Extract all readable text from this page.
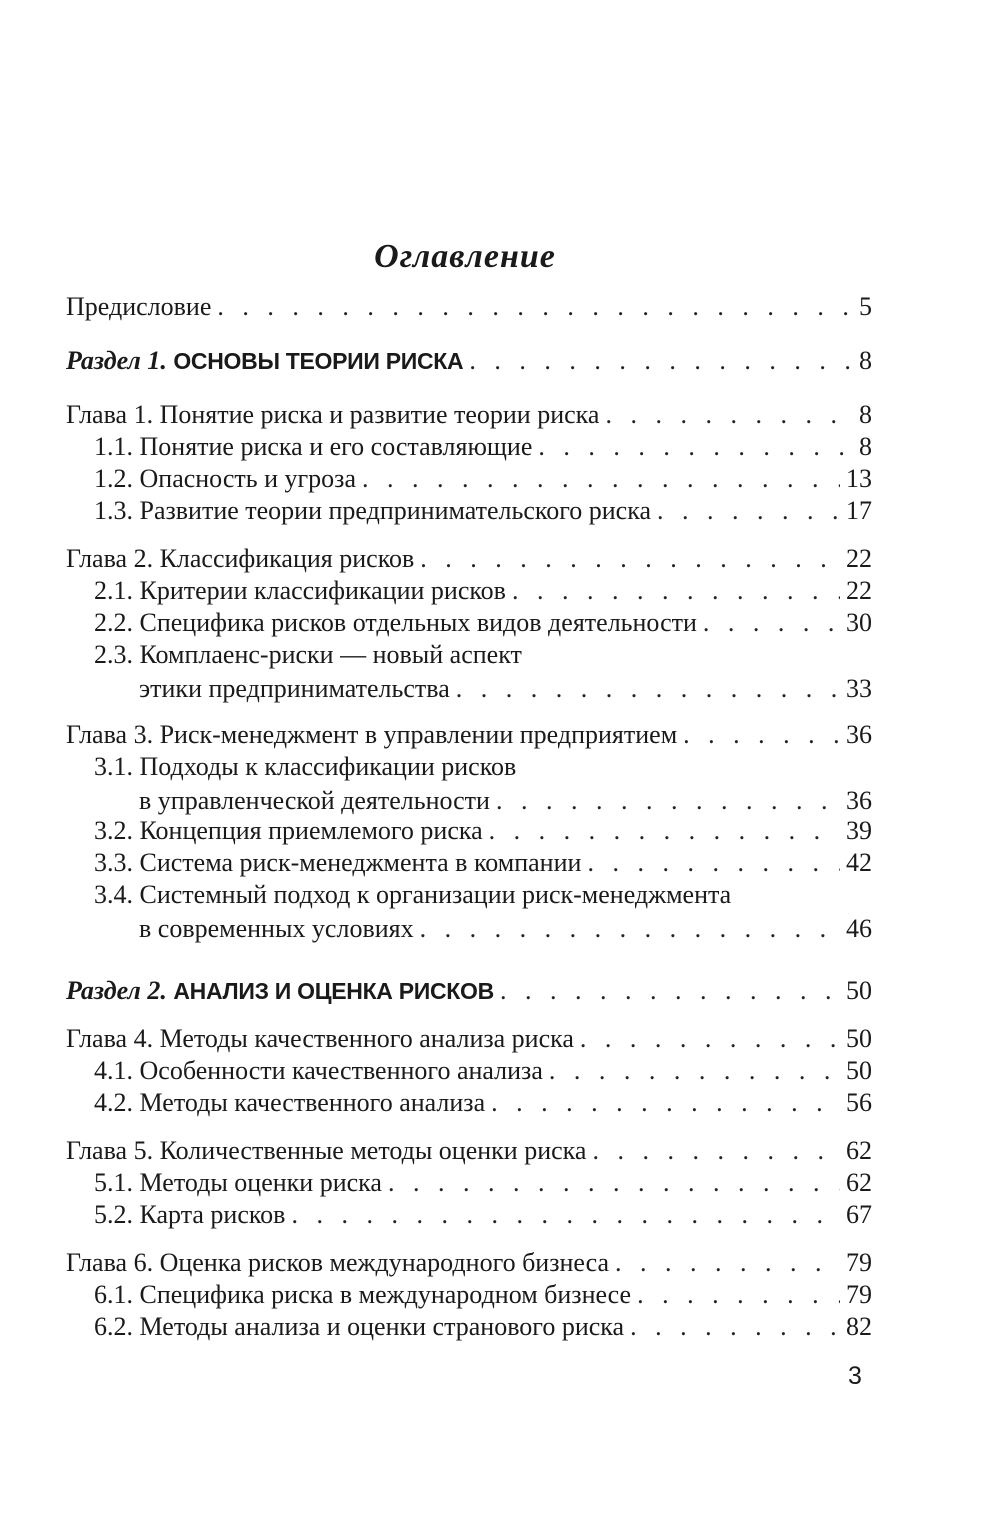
Оглавление
Предисловие . . .	5
Раздел 1. ОСНОВЫ ТЕОРИИ РИСКА . . .	8
Глава 1. Понятие риска и развитие теории риска . . .	8
1.1. Понятие риска и его составляющие . . .	8
1.2. Опасность и угроза . . .	13
1.3. Развитие теории предпринимательского риска . . .	17
Глава 2. Классификация рисков . . .	22
2.1. Критерии классификации рисков . . .	22
2.2. Специфика рисков отдельных видов деятельности . . .	30
2.3. Комплаенс-риски — новый аспект
этики предпринимательства . . .	33
Глава 3. Риск-менеджмент в управлении предприятием . . .	36
3.1. Подходы к классификации рисков
в управленческой деятельности . . .	36
3.2. Концепция приемлемого риска . . .	39
3.3. Система риск-менеджмента в компании . . .	42
3.4. Системный подход к организации риск-менеджмента
в современных условиях . . .	46
Раздел 2. АНАЛИЗ И ОЦЕНКА РИСКОВ . . .	50
Глава 4. Методы качественного анализа риска . . .	50
4.1. Особенности качественного анализа . . .	50
4.2. Методы качественного анализа . . .	56
Глава 5. Количественные методы оценки риска . . .	62
5.1. Методы оценки риска . . .	62
5.2. Карта рисков . . .	67
Глава 6. Оценка рисков международного бизнеса . . .	79
6.1. Специфика риска в международном бизнесе . . .	79
6.2. Методы анализа и оценки странового риска . . .	82
3
